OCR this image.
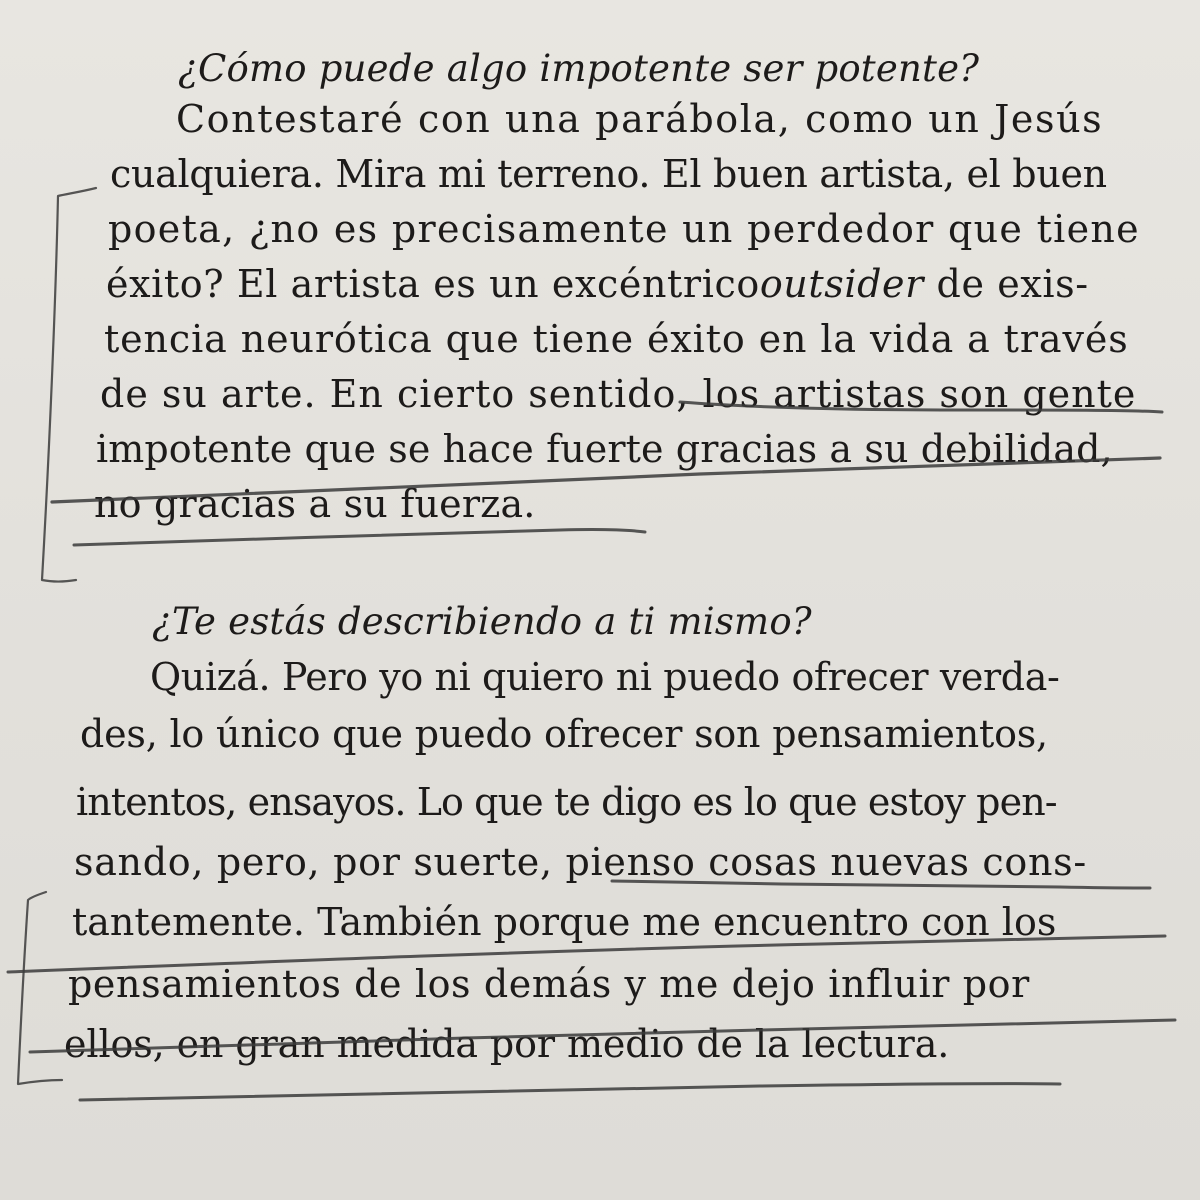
¿Cómo puede algo impotente ser potente?
Contestaré con una parábola, como un Jesús
cualquiera. Mira mi terreno. El buen artista, el buen
poeta, ¿no es precisamente un perdedor que tiene
éxito? El artista es un excéntricooutsider de exis-
tencia neurótica que tiene éxito en la vida a través
de su arte. En cierto sentido, los artistas son gente
impotente que se hace fuerte gracias a su debilidad,
no gracias a su fuerza.
¿Te estás describiendo a ti mismo?
Quizá. Pero yo ni quiero ni puedo ofrecer verda-
des, lo único que puedo ofrecer son pensamientos,
intentos, ensayos. Lo que te digo es lo que estoy pen-
sando, pero, por suerte, pienso cosas nuevas cons-
tantemente. También porque me encuentro con los
pensamientos de los demás y me dejo influir por
ellos, en gran medida por medio de la lectura.
